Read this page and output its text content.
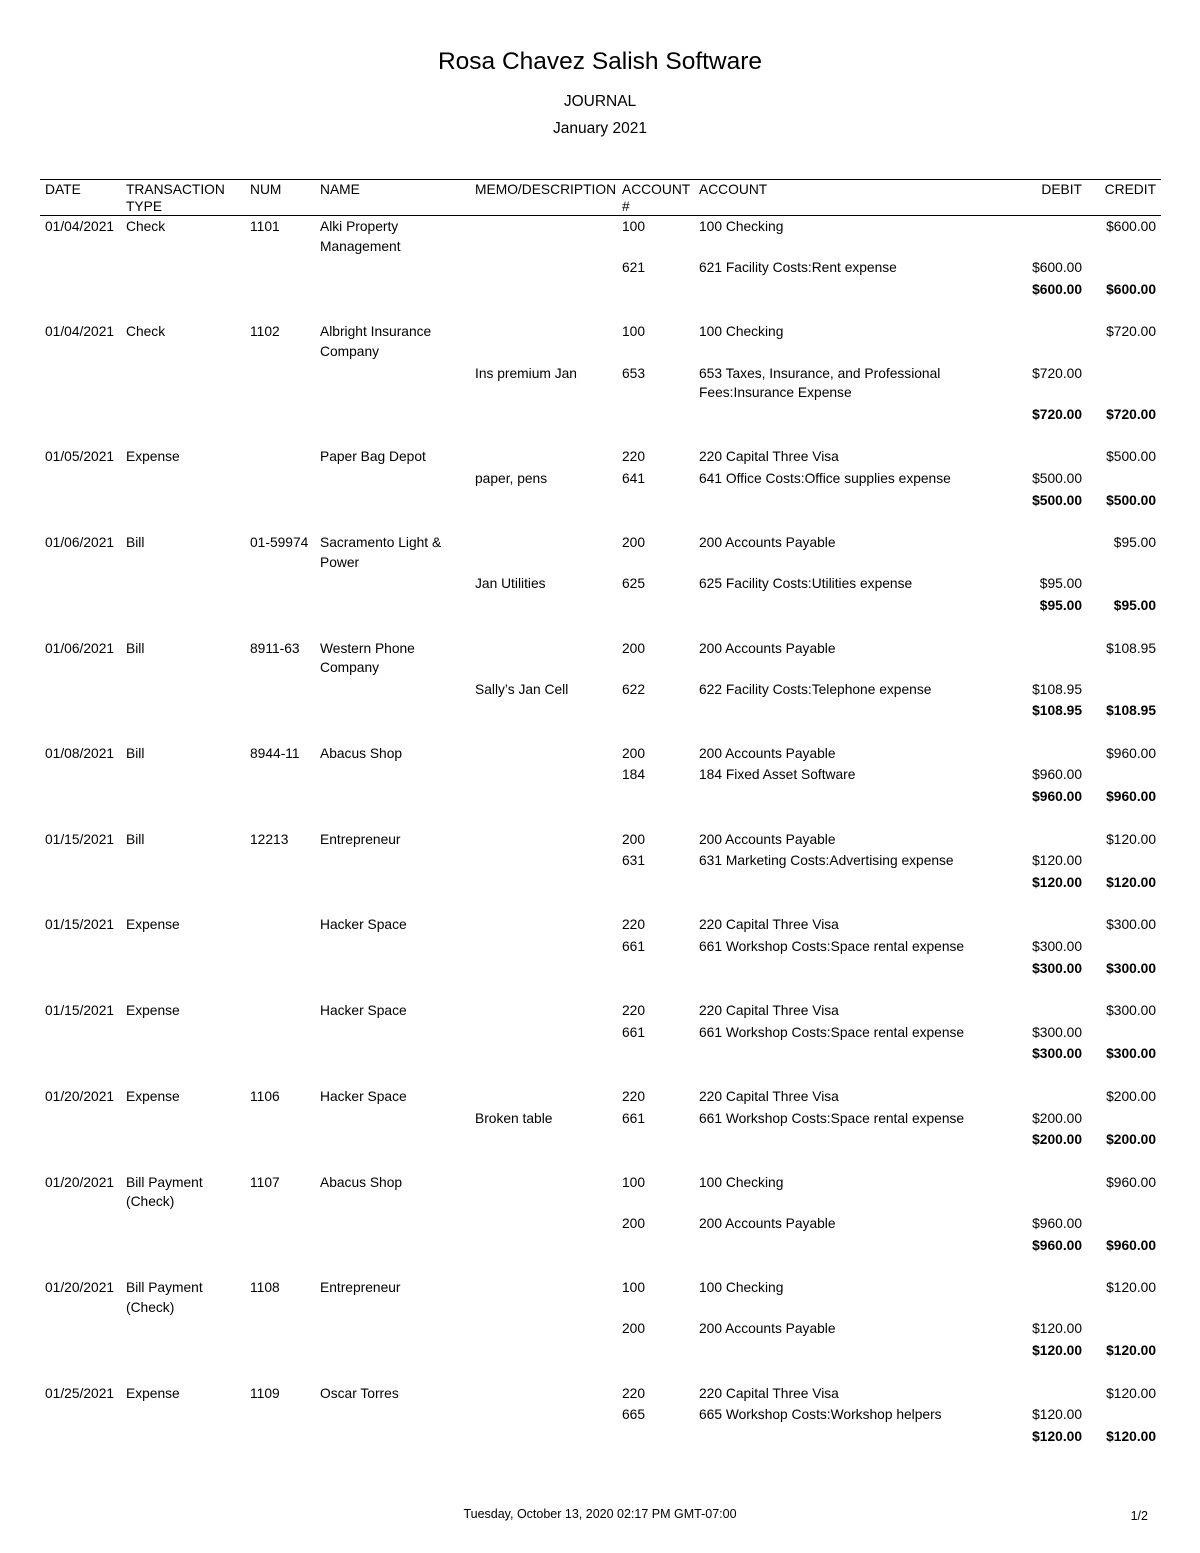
Rosa Chavez Salish Software
JOURNAL
January 2021
DATE	TRANSACTION TYPE	NUM	NAME	MEMO/DESCRIPTION	ACCOUNT #	ACCOUNT	DEBIT	CREDIT
01/04/2021	Check	1101	Alki Property Management		100	100 Checking		$600.00
					621	621 Facility Costs:Rent expense	$600.00	
							$600.00	$600.00
01/04/2021	Check	1102	Albright Insurance Company		100	100 Checking		$720.00
				Ins premium Jan	653	653 Taxes, Insurance, and Professional Fees:Insurance Expense	$720.00	
							$720.00	$720.00
01/05/2021	Expense		Paper Bag Depot		220	220 Capital Three Visa		$500.00
				paper, pens	641	641 Office Costs:Office supplies expense	$500.00	
							$500.00	$500.00
01/06/2021	Bill	01-59974	Sacramento Light & Power		200	200 Accounts Payable		$95.00
				Jan Utilities	625	625 Facility Costs:Utilities expense	$95.00	
							$95.00	$95.00
01/06/2021	Bill	8911-63	Western Phone Company		200	200 Accounts Payable		$108.95
				Sally’s Jan Cell	622	622 Facility Costs:Telephone expense	$108.95	
							$108.95	$108.95
01/08/2021	Bill	8944-11	Abacus Shop		200	200 Accounts Payable		$960.00
					184	184 Fixed Asset Software	$960.00	
							$960.00	$960.00
01/15/2021	Bill	12213	Entrepreneur		200	200 Accounts Payable		$120.00
					631	631 Marketing Costs:Advertising expense	$120.00	
							$120.00	$120.00
01/15/2021	Expense		Hacker Space		220	220 Capital Three Visa		$300.00
					661	661 Workshop Costs:Space rental expense	$300.00	
							$300.00	$300.00
01/15/2021	Expense		Hacker Space		220	220 Capital Three Visa		$300.00
					661	661 Workshop Costs:Space rental expense	$300.00	
							$300.00	$300.00
01/20/2021	Expense	1106	Hacker Space		220	220 Capital Three Visa		$200.00
				Broken table	661	661 Workshop Costs:Space rental expense	$200.00	
							$200.00	$200.00
01/20/2021	Bill Payment (Check)	1107	Abacus Shop		100	100 Checking		$960.00
					200	200 Accounts Payable	$960.00	
							$960.00	$960.00
01/20/2021	Bill Payment (Check)	1108	Entrepreneur		100	100 Checking		$120.00
					200	200 Accounts Payable	$120.00	
							$120.00	$120.00
01/25/2021	Expense	1109	Oscar Torres		220	220 Capital Three Visa		$120.00
					665	665 Workshop Costs:Workshop helpers	$120.00	
							$120.00	$120.00
Tuesday, October 13, 2020 02:17 PM GMT-07:00	1/2
